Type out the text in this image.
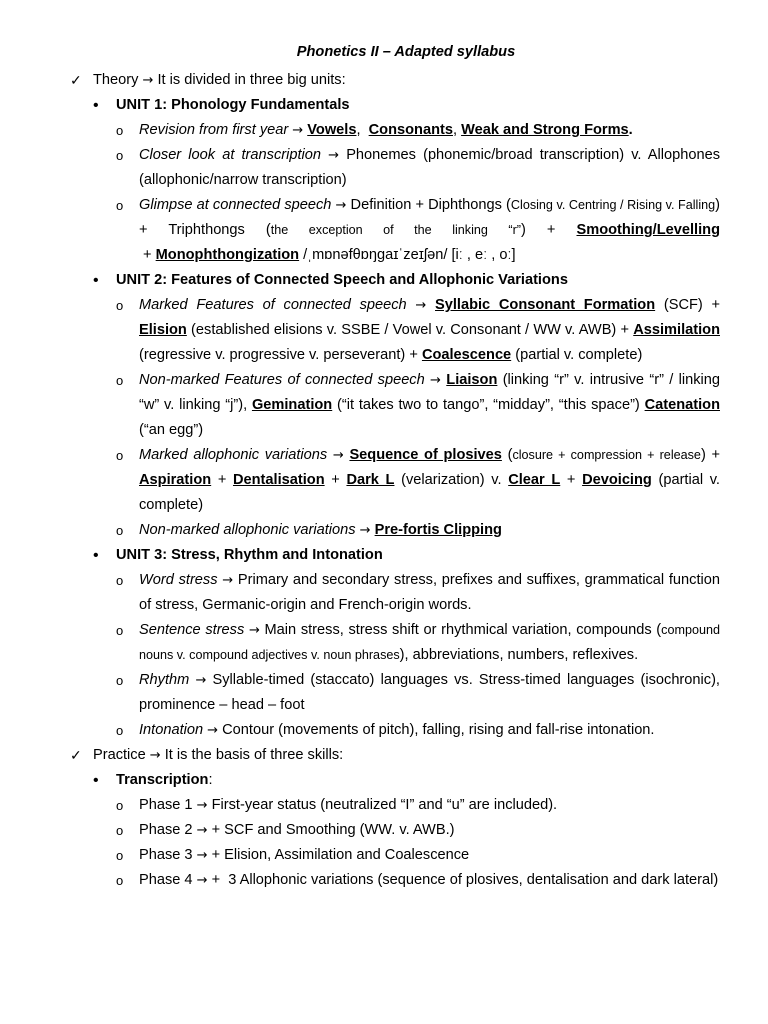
Phonetics II – Adapted syllabus
✓ Theory → It is divided in three big units:
• UNIT 1: Phonology Fundamentals
o Revision from first year → Vowels,  Consonants, Weak and Strong Forms.
o Closer look at transcription → Phonemes (phonemic/broad transcription) v. Allophones (allophonic/narrow transcription)
o Glimpse at connected speech → Definition + Diphthongs (Closing v. Centring / Rising v. Falling) + Triphthongs (the exception of the linking “r”) + Smoothing/Levelling + Monophthongization /ˌmɒnəfθɒŋgaɪˈzeɪʃən/ [iː , eː , oː]
• UNIT 2: Features of Connected Speech and Allophonic Variations
o Marked Features of connected speech → Syllabic Consonant Formation (SCF) + Elision (established elisions v. SSBE / Vowel v. Consonant / WW v. AWB) + Assimilation (regressive v. progressive v. perseverant) + Coalescence (partial v. complete)
o Non-marked Features of connected speech → Liaison (linking “r” v. intrusive “r” / linking “w” v. linking “j”), Gemination (“it takes two to tango”, “midday”, “this space”) Catenation (“an egg”)
o Marked allophonic variations → Sequence of plosives (closure + compression + release) + Aspiration + Dentalisation + Dark L (velarization) v. Clear L + Devoicing (partial v. complete)
o Non-marked allophonic variations → Pre-fortis Clipping
• UNIT 3: Stress, Rhythm and Intonation
o Word stress → Primary and secondary stress, prefixes and suffixes, grammatical function of stress, Germanic-origin and French-origin words.
o Sentence stress → Main stress, stress shift or rhythmical variation, compounds (compound nouns v. compound adjectives v. noun phrases), abbreviations, numbers, reflexives.
o Rhythm → Syllable-timed (staccato) languages vs. Stress-timed languages (isochronic), prominence – head – foot
o Intonation → Contour (movements of pitch), falling, rising and fall-rise intonation.
✓ Practice → It is the basis of three skills:
• Transcription:
o Phase 1 → First-year status (neutralized “I” and “u” are included).
o Phase 2 → + SCF and Smoothing (WW. v. AWB.)
o Phase 3 → + Elision, Assimilation and Coalescence
o Phase 4 → +  3 Allophonic variations (sequence of plosives, dentalisation and dark lateral)
